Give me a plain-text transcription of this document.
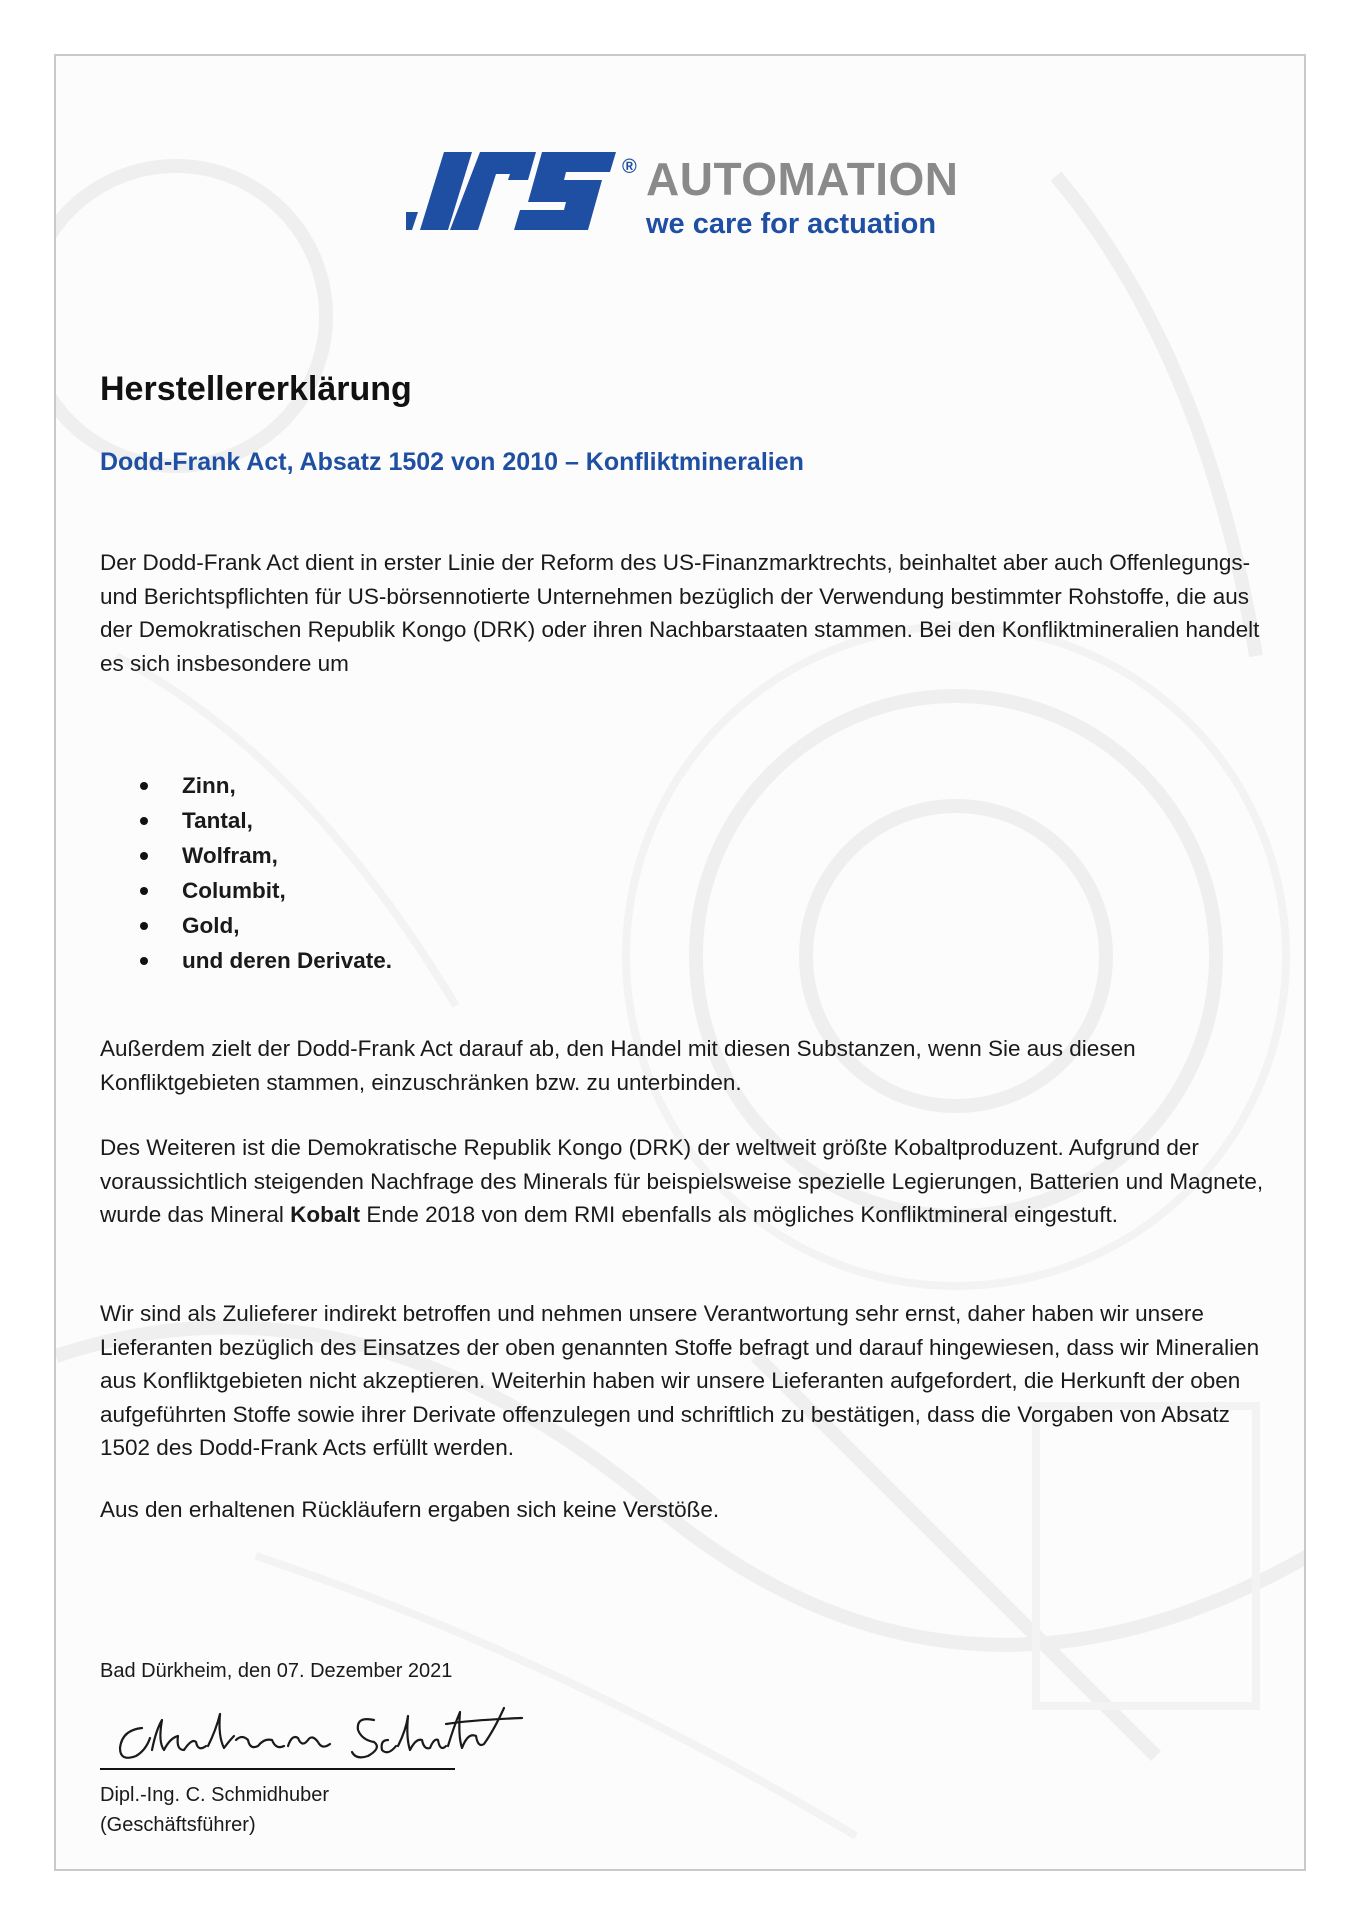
® AUTOMATION
we care for actuation
Herstellererklärung
Dodd-Frank Act, Absatz 1502 von 2010 – Konfliktmineralien

Der Dodd-Frank Act dient in erster Linie der Reform des US-Finanzmarktrechts, beinhaltet aber auch Offenlegungs- und Berichtspflichten für US-börsennotierte Unternehmen bezüglich der Verwendung bestimmter Rohstoffe, die aus der Demokratischen Republik Kongo (DRK) oder ihren Nachbarstaaten stammen. Bei den Konfliktmineralien handelt es sich insbesondere um

Zinn,
Tantal,
Wolfram,
Columbit,
Gold,
und deren Derivate.

Außerdem zielt der Dodd-Frank Act darauf ab, den Handel mit diesen Substanzen, wenn Sie aus diesen Konfliktgebieten stammen, einzuschränken bzw. zu unterbinden.

Des Weiteren ist die Demokratische Republik Kongo (DRK) der weltweit größte Kobaltproduzent. Aufgrund der voraussichtlich steigenden Nachfrage des Minerals für beispielsweise spezielle Legierungen, Batterien und Magnete, wurde das Mineral Kobalt Ende 2018 von dem RMI ebenfalls als mögliches Konfliktmineral eingestuft.

Wir sind als Zulieferer indirekt betroffen und nehmen unsere Verantwortung sehr ernst, daher haben wir unsere Lieferanten bezüglich des Einsatzes der oben genannten Stoffe befragt und darauf hingewiesen, dass wir Mineralien aus Konfliktgebieten nicht akzeptieren. Weiterhin haben wir unsere Lieferanten aufgefordert, die Herkunft der oben aufgeführten Stoffe sowie ihrer Derivate offenzulegen und schriftlich zu bestätigen, dass die Vorgaben von Absatz 1502 des Dodd-Frank Acts erfüllt werden.

Aus den erhaltenen Rückläufern ergaben sich keine Verstöße.

Bad Dürkheim, den 07. Dezember 2021

Dipl.-Ing. C. Schmidhuber

(Geschäftsführer)
